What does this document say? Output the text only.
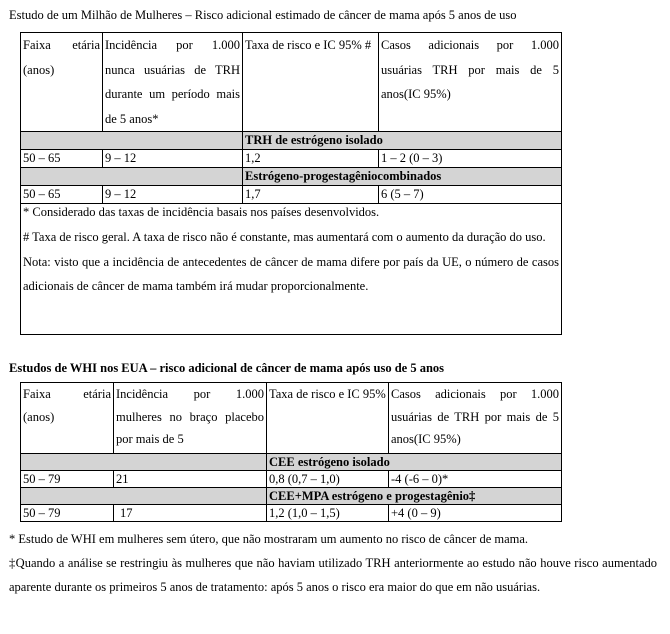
Estudo de um Milhão de Mulheres – Risco adicional estimado de câncer de mama após 5 anos de uso
Faixa etária (anos)	Incidência por 1.000 nunca usuárias de TRH durante um período mais de 5 anos*	Taxa de risco e IC 95% #	Casos adicionais por 1.000 usuárias TRH por mais de 5 anos(IC 95%)
		TRH de estrógeno isolado	
50 – 65	9 – 12	1,2	1 – 2 (0 – 3)
		Estrógeno-progestagêniocombinados	
50 – 65	9 – 12	1,7	6 (5 – 7)

* Considerado das taxas de incidência basais nos países desenvolvidos.
# Taxa de risco geral. A taxa de risco não é constante, mas aumentará com o aumento da duração do uso.
Nota: visto que a incidência de antecedentes de câncer de mama difere por país da UE, o número de casos adicionais de câncer de mama também irá mudar proporcionalmente.			
Estudos de WHI nos EUA – risco adicional de câncer de mama após uso de 5 anos
Faixa etária (anos)	Incidência por 1.000 mulheres no braço placebo por mais de 5	Taxa de risco e IC 95%	Casos adicionais por 1.000 usuárias de TRH por mais de 5 anos(IC 95%)
		CEE estrógeno isolado	
50 – 79	21	0,8 (0,7 – 1,0)	-4 (-6 – 0)*
		CEE+MPA estrógeno e progestagênio‡	
50 – 79	17	1,2 (1,0 – 1,5)	+4 (0 – 9)
* Estudo de WHI em mulheres sem útero, que não mostraram um aumento no risco de câncer de mama.
‡Quando a análise se restringiu às mulheres que não haviam utilizado TRH anteriormente ao estudo não houve risco aumentado aparente durante os primeiros 5 anos de tratamento: após 5 anos o risco era maior do que em não usuárias.
